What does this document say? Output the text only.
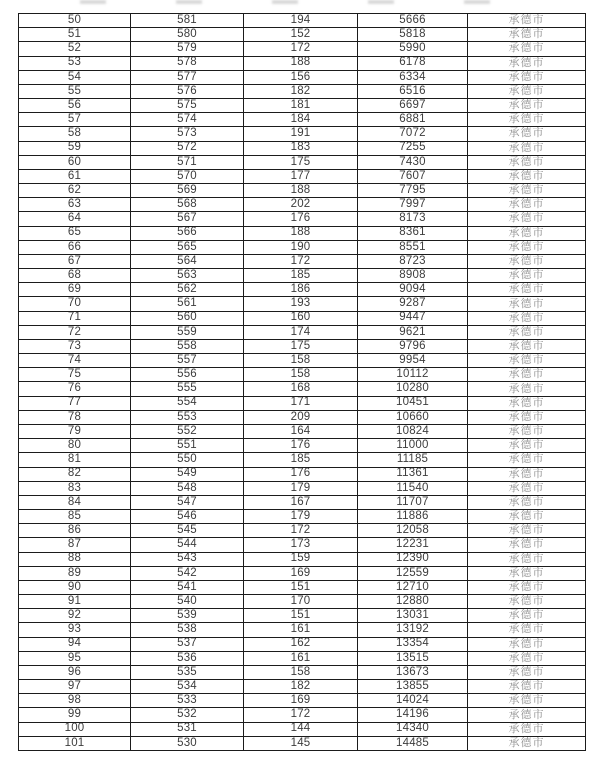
50	581	194	5666	承德市
51	580	152	5818	承德市
52	579	172	5990	承德市
53	578	188	6178	承德市
54	577	156	6334	承德市
55	576	182	6516	承德市
56	575	181	6697	承德市
57	574	184	6881	承德市
58	573	191	7072	承德市
59	572	183	7255	承德市
60	571	175	7430	承德市
61	570	177	7607	承德市
62	569	188	7795	承德市
63	568	202	7997	承德市
64	567	176	8173	承德市
65	566	188	8361	承德市
66	565	190	8551	承德市
67	564	172	8723	承德市
68	563	185	8908	承德市
69	562	186	9094	承德市
70	561	193	9287	承德市
71	560	160	9447	承德市
72	559	174	9621	承德市
73	558	175	9796	承德市
74	557	158	9954	承德市
75	556	158	10112	承德市
76	555	168	10280	承德市
77	554	171	10451	承德市
78	553	209	10660	承德市
79	552	164	10824	承德市
80	551	176	11000	承德市
81	550	185	11185	承德市
82	549	176	11361	承德市
83	548	179	11540	承德市
84	547	167	11707	承德市
85	546	179	11886	承德市
86	545	172	12058	承德市
87	544	173	12231	承德市
88	543	159	12390	承德市
89	542	169	12559	承德市
90	541	151	12710	承德市
91	540	170	12880	承德市
92	539	151	13031	承德市
93	538	161	13192	承德市
94	537	162	13354	承德市
95	536	161	13515	承德市
96	535	158	13673	承德市
97	534	182	13855	承德市
98	533	169	14024	承德市
99	532	172	14196	承德市
100	531	144	14340	承德市
101	530	145	14485	承德市
